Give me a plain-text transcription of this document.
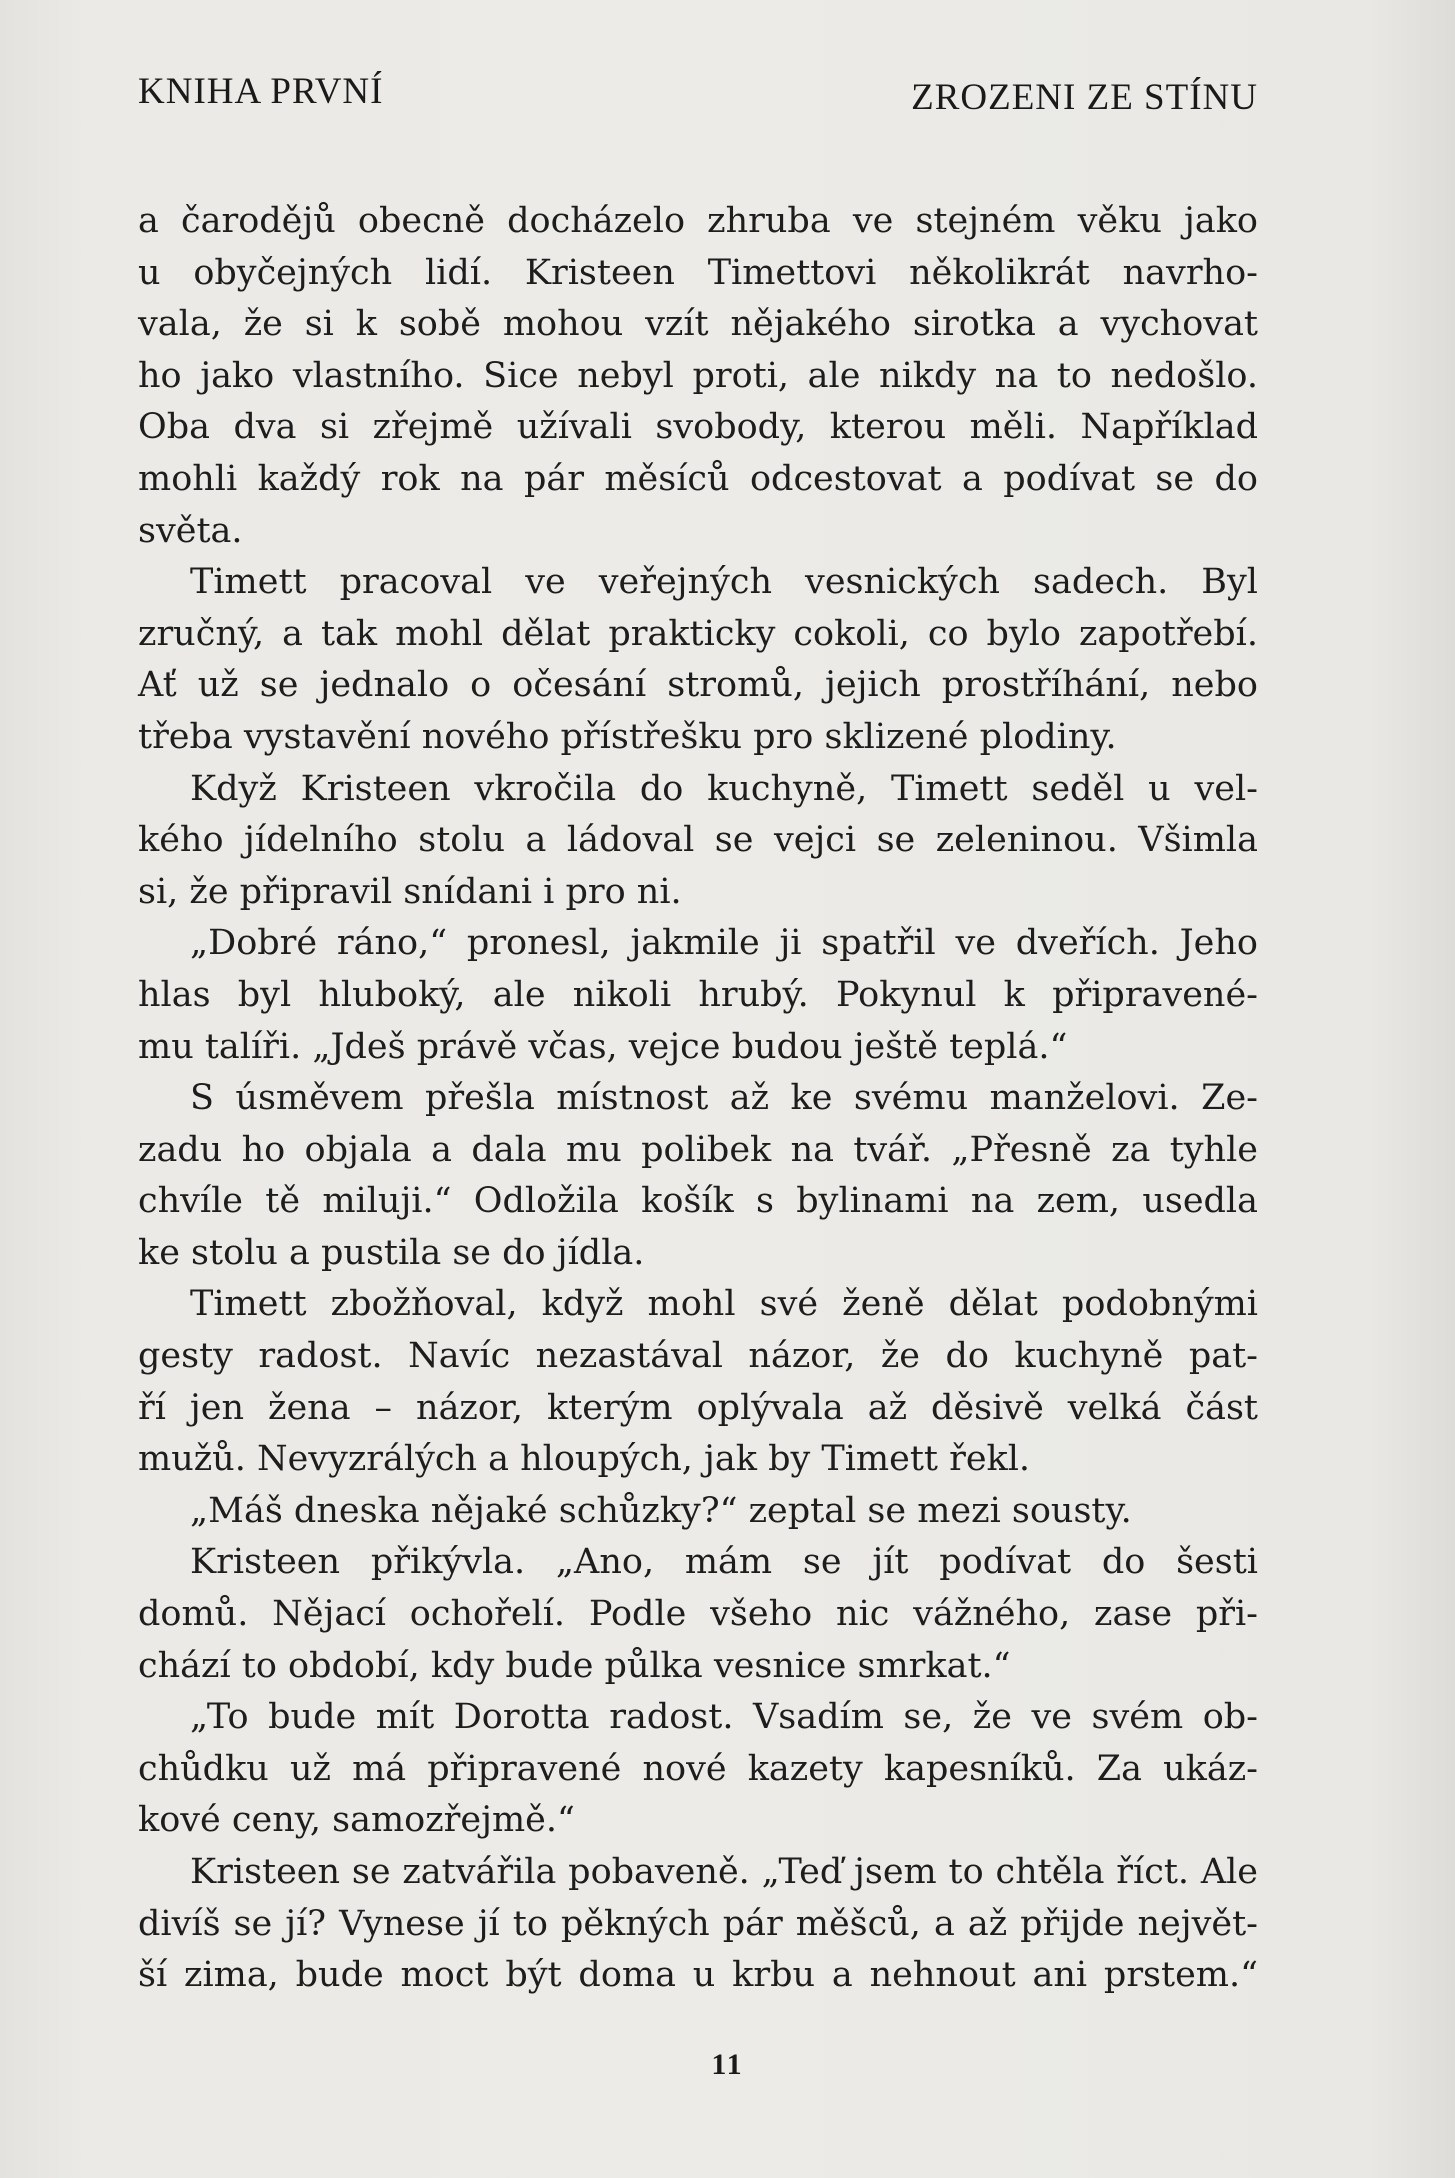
KNIHA PRVNÍ	ZROZENI ZE STÍNU
a čarodějů obecně docházelo zhruba ve stejném věku jako
u obyčejných lidí. Kristeen Timettovi několikrát navrho-
vala, že si k sobě mohou vzít nějakého sirotka a vychovat
ho jako vlastního. Sice nebyl proti, ale nikdy na to nedošlo.
Oba dva si zřejmě užívali svobody, kterou měli. Například
mohli každý rok na pár měsíců odcestovat a podívat se do
světa.
Timett pracoval ve veřejných vesnických sadech. Byl
zručný, a tak mohl dělat prakticky cokoli, co bylo zapotřebí.
Ať už se jednalo o očesání stromů, jejich prostříhání, nebo
třeba vystavění nového přístřešku pro sklizené plodiny.
Když Kristeen vkročila do kuchyně, Timett seděl u vel-
kého jídelního stolu a ládoval se vejci se zeleninou. Všimla
si, že připravil snídani i pro ni.
„Dobré ráno,“ pronesl, jakmile ji spatřil ve dveřích. Jeho
hlas byl hluboký, ale nikoli hrubý. Pokynul k připravené-
mu talíři. „Jdeš právě včas, vejce budou ještě teplá.“
S úsměvem přešla místnost až ke svému manželovi. Ze-
zadu ho objala a dala mu polibek na tvář. „Přesně za tyhle
chvíle tě miluji.“ Odložila košík s bylinami na zem, usedla
ke stolu a pustila se do jídla.
Timett zbožňoval, když mohl své ženě dělat podobnými
gesty radost. Navíc nezastával názor, že do kuchyně pat-
ří jen žena – názor, kterým oplývala až děsivě velká část
mužů. Nevyzrálých a hloupých, jak by Timett řekl.
„Máš dneska nějaké schůzky?“ zeptal se mezi sousty.
Kristeen přikývla. „Ano, mám se jít podívat do šesti
domů. Nějací ochořelí. Podle všeho nic vážného, zase při-
chází to období, kdy bude půlka vesnice smrkat.“
„To bude mít Dorotta radost. Vsadím se, že ve svém ob-
chůdku už má připravené nové kazety kapesníků. Za ukáz-
kové ceny, samozřejmě.“
Kristeen se zatvářila pobaveně. „Teď jsem to chtěla říct. Ale
divíš se jí? Vynese jí to pěkných pár měšců, a až přijde největ-
ší zima, bude moct být doma u krbu a nehnout ani prstem.“
11
